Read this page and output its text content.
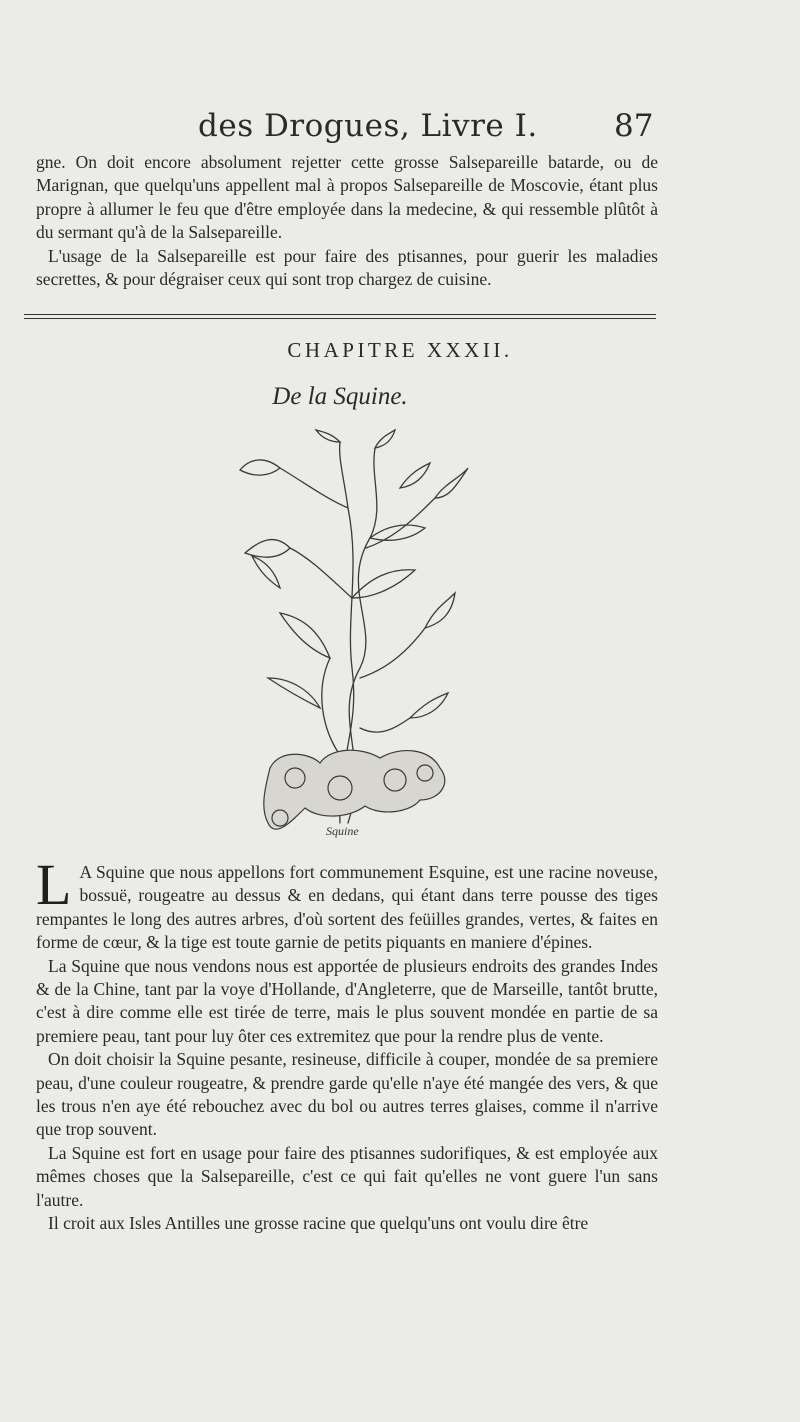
des Drogues, Livre I. 87

gne. On doit encore absolument rejetter cette grosse Salsepareille batarde, ou de Marignan, que quelqu'uns appellent mal à propos Salsepareille de Moscovie, étant plus propre à allumer le feu que d'être employée dans la medecine, & qui ressemble plûtôt à du sermant qu'à de la Salsepareille.

L'usage de la Salsepareille est pour faire des ptisannes, pour guerir les maladies secrettes, & pour dégraiser ceux qui sont trop chargez de cuisine.

CHAPITRE XXXII.
De la Squine.
Squine

L A Squine que nous appellons fort communement Esquine, est une racine noveuse, bossuë, rougeatre au dessus & en dedans, qui étant dans terre pousse des tiges rempantes le long des autres arbres, d'où sortent des feüilles grandes, vertes, & faites en forme de cœur, & la tige est toute garnie de petits piquants en maniere d'épines.

La Squine que nous vendons nous est apportée de plusieurs endroits des grandes Indes & de la Chine, tant par la voye d'Hollande, d'Angleterre, que de Marseille, tantôt brutte, c'est à dire comme elle est tirée de terre, mais le plus souvent mondée en partie de sa premiere peau, tant pour luy ôter ces extremitez que pour la rendre plus de vente.

On doit choisir la Squine pesante, resineuse, difficile à couper, mondée de sa premiere peau, d'une couleur rougeatre, & prendre garde qu'elle n'aye été mangée des vers, & que les trous n'en aye été rebouchez avec du bol ou autres terres glaises, comme il n'arrive que trop souvent.

La Squine est fort en usage pour faire des ptisannes sudorifiques, & est employée aux mêmes choses que la Salsepareille, c'est ce qui fait qu'elles ne vont guere l'un sans l'autre.

Il croit aux Isles Antilles une grosse racine que quelqu'uns ont voulu dire être
